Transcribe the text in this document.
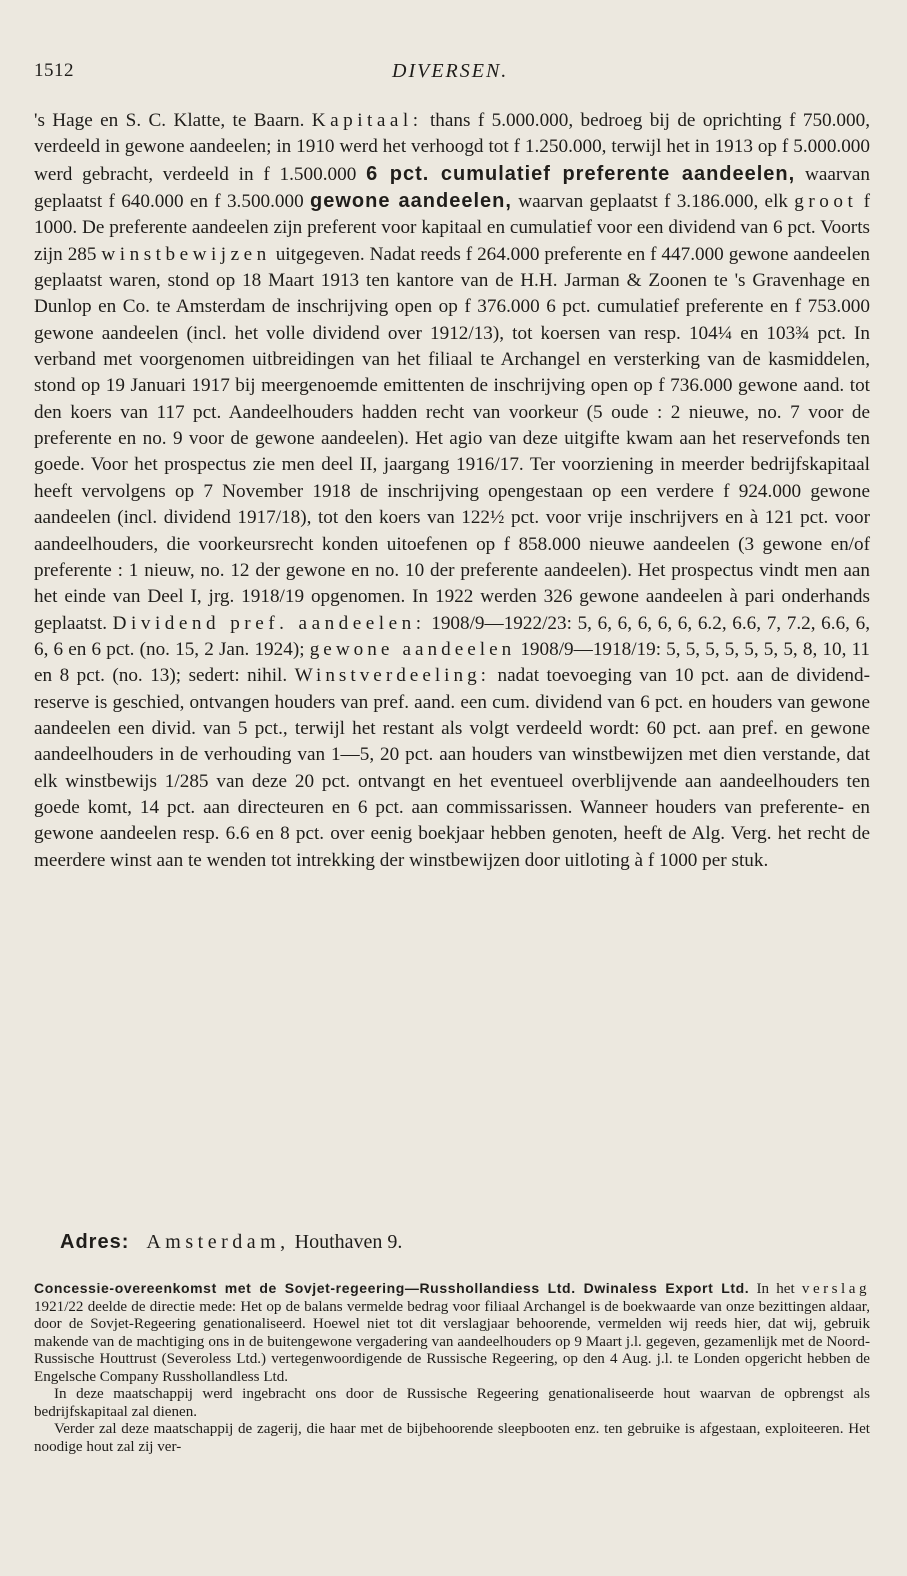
1512	DIVERSEN.

's Hage en S. C. Klatte, te Baarn. Kapitaal: thans f 5.000.000, bedroeg bij de oprichting f 750.000, verdeeld in gewone aandeelen; in 1910 werd het verhoogd tot f 1.250.000, terwijl het in 1913 op f 5.000.000 werd gebracht, verdeeld in f 1.500.000 6 pct. cumulatief preferente aandeelen, waarvan geplaatst f 640.000 en f 3.500.000 gewone aandeelen, waarvan geplaatst f 3.186.000, elk groot f 1000. De preferente aandeelen zijn preferent voor kapitaal en cumulatief voor een dividend van 6 pct. Voorts zijn 285 winstbewijzen uitgegeven. Nadat reeds f 264.000 preferente en f 447.000 gewone aandeelen geplaatst waren, stond op 18 Maart 1913 ten kantore van de H.H. Jarman & Zoonen te 's Gravenhage en Dunlop en Co. te Amsterdam de inschrijving open op f 376.000 6 pct. cumulatief preferente en f 753.000 gewone aandeelen (incl. het volle dividend over 1912/13), tot koersen van resp. 104¼ en 103¾ pct. In verband met voorgenomen uitbreidingen van het filiaal te Archangel en versterking van de kasmiddelen, stond op 19 Januari 1917 bij meergenoemde emittenten de inschrijving open op f 736.000 gewone aand. tot den koers van 117 pct. Aandeelhouders hadden recht van voorkeur (5 oude : 2 nieuwe, no. 7 voor de preferente en no. 9 voor de gewone aandeelen). Het agio van deze uitgifte kwam aan het reservefonds ten goede. Voor het prospectus zie men deel II, jaargang 1916/17. Ter voorziening in meerder bedrijfskapitaal heeft vervolgens op 7 November 1918 de inschrijving opengestaan op een verdere f 924.000 gewone aandeelen (incl. dividend 1917/18), tot den koers van 122½ pct. voor vrije inschrijvers en à 121 pct. voor aandeelhouders, die voorkeursrecht konden uitoefenen op f 858.000 nieuwe aandeelen (3 gewone en/of preferente : 1 nieuw, no. 12 der gewone en no. 10 der preferente aandeelen). Het prospectus vindt men aan het einde van Deel I, jrg. 1918/19 opgenomen. In 1922 werden 326 gewone aandeelen à pari onderhands geplaatst. Dividend pref. aandeelen: 1908/9—1922/23: 5, 6, 6, 6, 6, 6, 6.2, 6.6, 7, 7.2, 6.6, 6, 6, 6 en 6 pct. (no. 15, 2 Jan. 1924); gewone aandeelen 1908/9—1918/19: 5, 5, 5, 5, 5, 5, 5, 8, 10, 11 en 8 pct. (no. 13); sedert: nihil. Winstverdeeling: nadat toevoeging van 10 pct. aan de dividend-reserve is geschied, ontvangen houders van pref. aand. een cum. dividend van 6 pct. en houders van gewone aandeelen een divid. van 5 pct., terwijl het restant als volgt verdeeld wordt: 60 pct. aan pref. en gewone aandeelhouders in de verhouding van 1—5, 20 pct. aan houders van winstbewijzen met dien verstande, dat elk winstbewijs 1/285 van deze 20 pct. ontvangt en het eventueel overblijvende aan aandeelhouders ten goede komt, 14 pct. aan directeuren en 6 pct. aan commissarissen. Wanneer houders van preferente- en gewone aandeelen resp. 6.6 en 8 pct. over eenig boekjaar hebben genoten, heeft de Alg. Verg. het recht de meerdere winst aan te wenden tot intrekking der winstbewijzen door uitloting à f 1000 per stuk.

Adres: Amsterdam, Houthaven 9.

Concessie-overeenkomst met de Sovjet-regeering—Russhollandiess Ltd. Dwinaless Export Ltd. In het verslag 1921/22 deelde de directie mede: Het op de balans vermelde bedrag voor filiaal Archangel is de boekwaarde van onze bezittingen aldaar, door de Sovjet-Regeering genationaliseerd. Hoewel niet tot dit verslagjaar behoorende, vermelden wij reeds hier, dat wij, gebruik makende van de machtiging ons in de buitengewone vergadering van aandeelhouders op 9 Maart j.l. gegeven, gezamenlijk met de Noord-Russische Houttrust (Severoless Ltd.) vertegenwoordigende de Russische Regeering, op den 4 Aug. j.l. te Londen opgericht hebben de Engelsche Company Russhollandless Ltd.

In deze maatschappij werd ingebracht ons door de Russische Regeering genationaliseerde hout waarvan de opbrengst als bedrijfskapitaal zal dienen.

Verder zal deze maatschappij de zagerij, die haar met de bijbehoorende sleepbooten enz. ten gebruike is afgestaan, exploiteeren. Het noodige hout zal zij ver-
